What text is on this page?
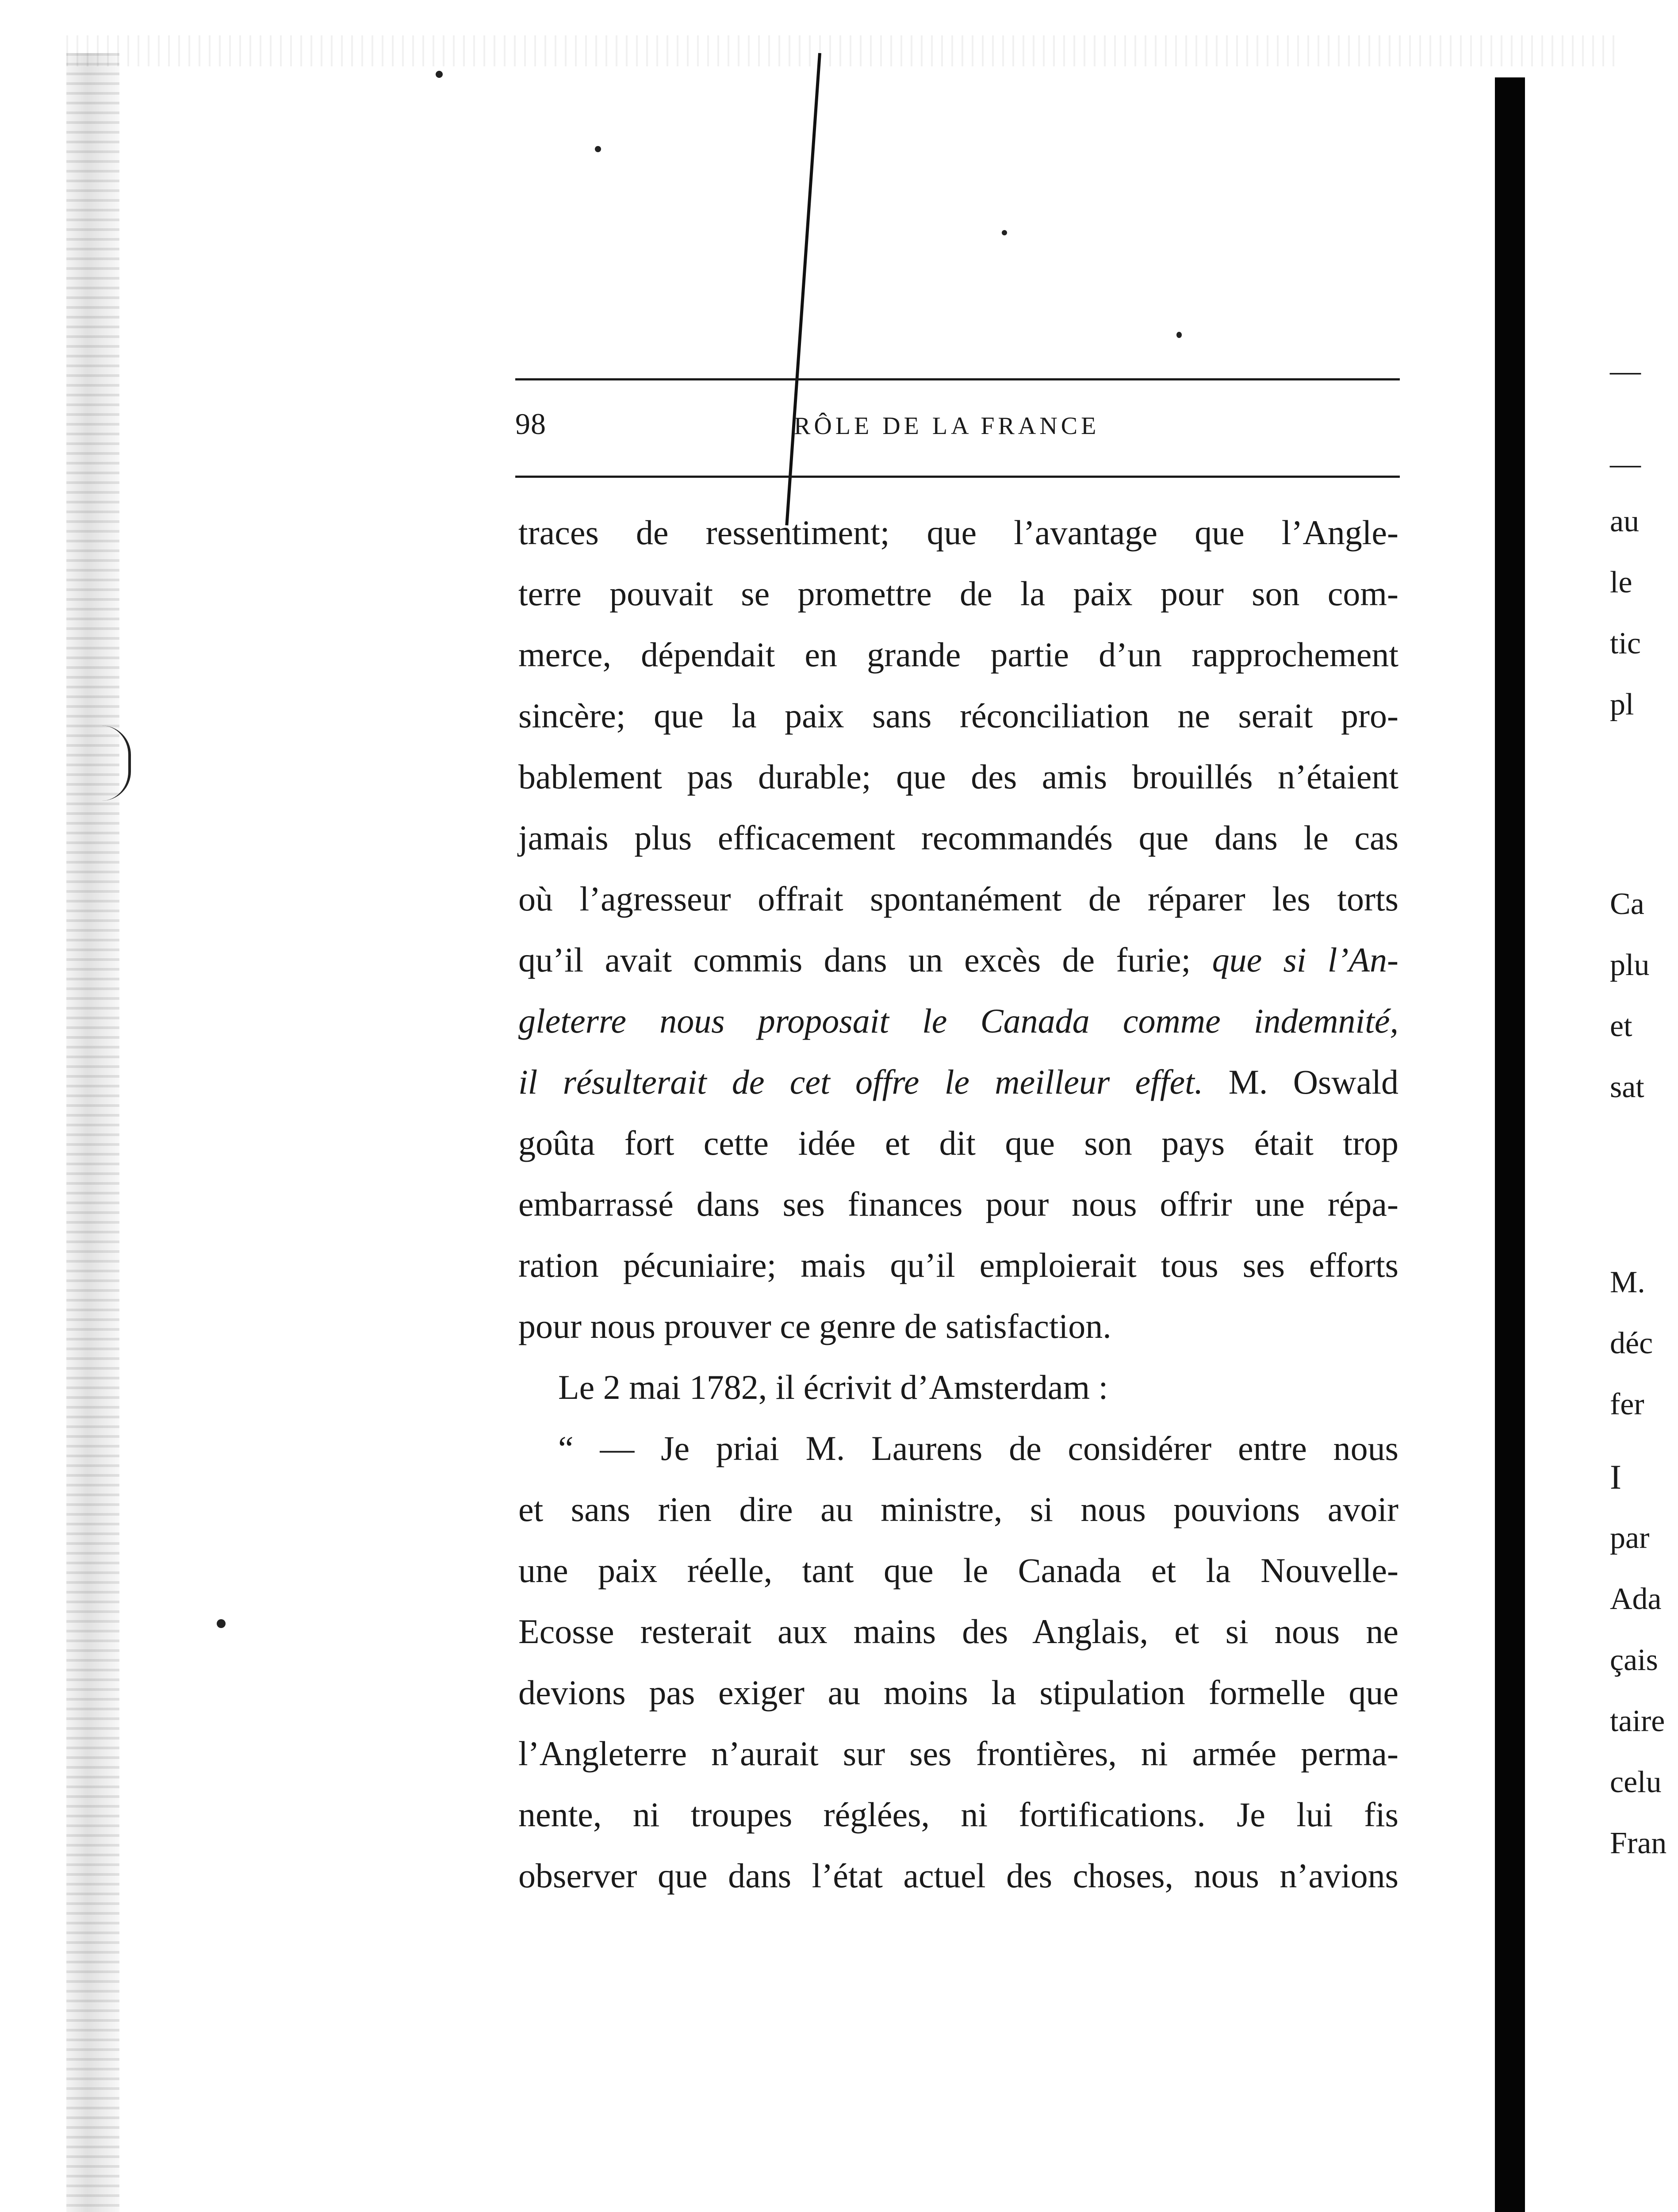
98	RÔLE DE LA FRANCE
traces de ressentiment; que l’avantage que l’Angle-
terre pouvait se promettre de la paix pour son com-
merce, dépendait en grande partie d’un rapprochement
sincère; que la paix sans réconciliation ne serait pro-
bablement pas durable; que des amis brouillés n’étaient
jamais plus efficacement recommandés que dans le cas
où l’agresseur offrait spontanément de réparer les torts
qu’il avait commis dans un excès de furie; que si l’An-
gleterre nous proposait le Canada comme indemnité,
il résulterait de cet offre le meilleur effet. M. Oswald
goûta fort cette idée et dit que son pays était trop
embarrassé dans ses finances pour nous offrir une répa-
ration pécuniaire; mais qu’il emploierait tous ses efforts
pour nous prouver ce genre de satisfaction.
Le 2 mai 1782, il écrivit d’Amsterdam :
“ — Je priai M. Laurens de considérer entre nous
et sans rien dire au ministre, si nous pouvions avoir
une paix réelle, tant que le Canada et la Nouvelle-
Ecosse resterait aux mains des Anglais, et si nous ne
devions pas exiger au moins la stipulation formelle que
l’Angleterre n’aurait sur ses frontières, ni armée perma-
nente, ni troupes réglées, ni fortifications. Je lui fis
observer que dans l’état actuel des choses, nous n’avions
—
—
au
le
tic
pl
Ca
plu
et
sat
M.
déc
fer
I
par
Ada
çais
taire
celu
Fran
